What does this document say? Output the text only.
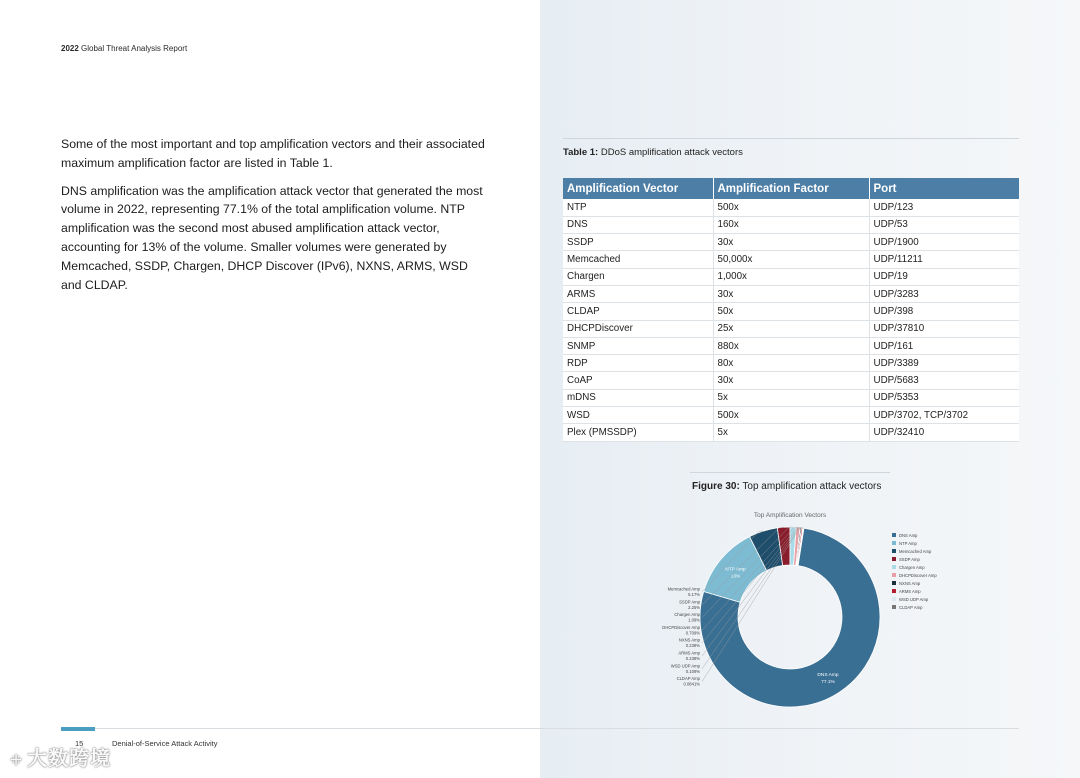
2022 Global Threat Analysis Report

Some of the most important and top amplification vectors and their associated maximum amplification factor are listed in Table 1.

DNS amplification was the amplification attack vector that generated the most volume in 2022, representing 77.1% of the total amplification volume. NTP amplification was the second most abused amplification attack vector, accounting for 13% of the volume. Smaller volumes were generated by Memcached, SSDP, Chargen, DHCP Discover (IPv6), NXNS, ARMS, WSD and CLDAP.

Table 1: DDoS amplification attack vectors
Amplification Vector	Amplification Factor	Port
NTP	500x	UDP/123
DNS	160x	UDP/53
SSDP	30x	UDP/1900
Memcached	50,000x	UDP/11211
Chargen	1,000x	UDP/19
ARMS	30x	UDP/3283
CLDAP	50x	UDP/398
DHCPDiscover	25x	UDP/37810
SNMP	880x	UDP/161
RDP	80x	UDP/3389
CoAP	30x	UDP/5683
mDNS	5x	UDP/5353
WSD	500x	UDP/3702, TCP/3702
Plex (PMSSDP)	5x	UDP/32410
Figure 30: Top amplification attack vectors
Top Amplification Vectors
DNS Amp
77.1%
NTP Amp
13%
Memcached Amp
5.17%
SSDP Amp
2.25%
Chargen Amp
1.09%
DHCPDiscover Amp
0.709%
NXNS Amp
0.238%
ARMS Amp
0.238%
WSD UDP Amp
0.109%
CLDAP Amp
0.0841%
DNS Amp
NTP Amp
Memcached Amp
SSDP Amp
Chargen Amp
DHCPDiscover Amp
NXNS Amp
ARMS Amp
WSD UDP Amp
CLDAP Amp
15	Denial-of-Service Attack Activity
ꔰ 大数跨境
